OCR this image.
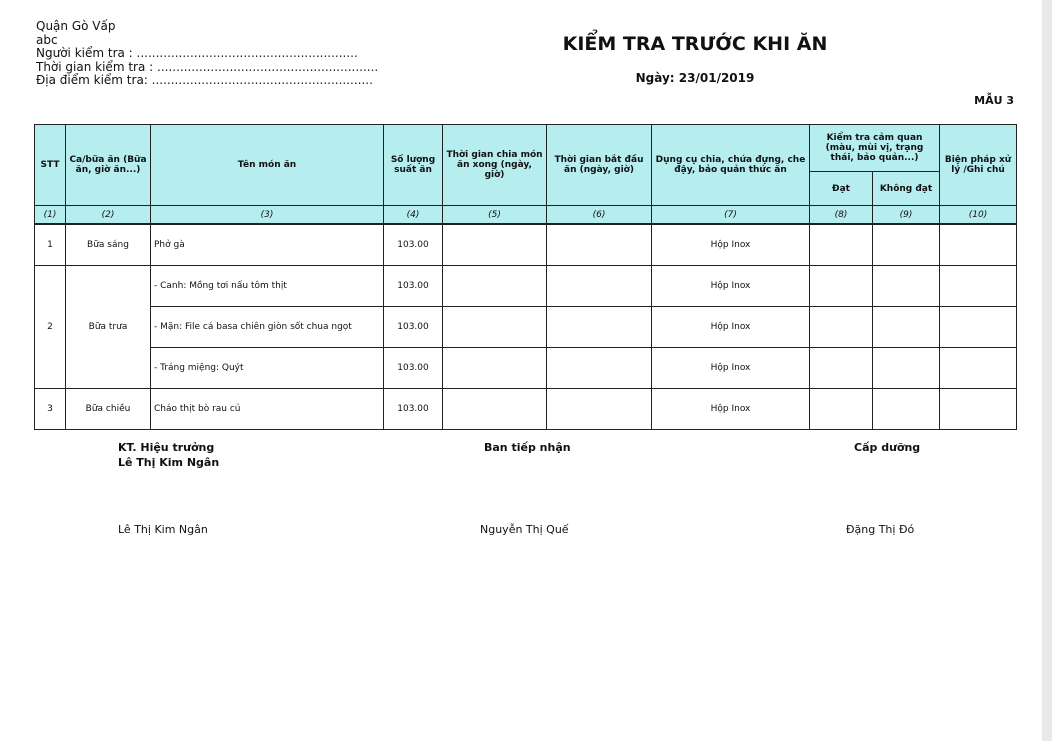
Quận Gò Vấp
abc
Người kiểm tra : ..........................................................
Thời gian kiểm tra : ..........................................................
Địa điểm kiểm tra: ..........................................................
KIỂM TRA TRƯỚC KHI ĂN
Ngày: 23/01/2019
MẪU 3
STT	Ca/bữa ăn (Bữa ăn, giờ ăn...)	Tên món ăn	Số lượng suất ăn	Thời gian chia món ăn xong (ngày, giờ)	Thời gian bắt đầu ăn (ngày, giờ)	Dụng cụ chia, chứa đựng, che đậy, bảo quản thức ăn	Kiểm tra cảm quan (màu, mùi vị, trạng thái, bảo quản...)		Biện pháp xử lý /Ghi chú
							Đạt	Không đạt	
(1)	(2)	(3)	(4)	(5)	(6)	(7)	(8)	(9)	(10)
1	Bữa sáng	Phở gà	103.00			Hộp Inox			
2	Bữa trưa	- Canh: Mồng tơi nấu tôm thịt	103.00			Hộp Inox			
		- Mặn: File cá basa chiên giòn sốt chua ngọt	103.00			Hộp Inox			
		- Tráng miệng: Quýt	103.00			Hộp Inox			
3	Bữa chiều	Cháo thịt bò rau củ	103.00			Hộp Inox			
KT. Hiệu trưởng
Lê Thị Kim Ngân
Lê Thị Kim Ngân
Ban tiếp nhận
Nguyễn Thị Quế
Cấp dưỡng
Đặng Thị Đó
